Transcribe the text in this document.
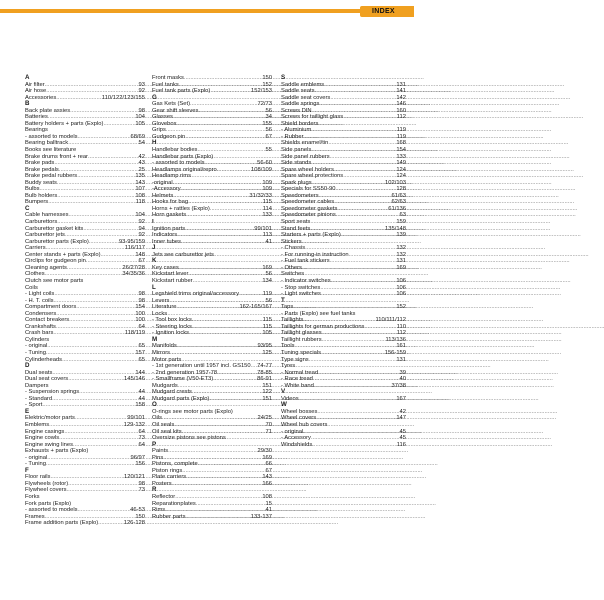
INDEX
A
Air filter .....	93
Air hose .....	92
Accessories .....	110/122/123/155
B
Back plate assies .....	98
Batteries .....	104
Battery holders + parts (Explo) .....	105
Bearings
- assorted to models .....	68/69
Bearing balltrack .....	54
Books see literature
Brake drums front + rear .....	42
Brake pads .....	43
Brake pedals .....	25
Brake pedal rubbers .....	135
Buddy seats .....	143
Bulbs .....	107
Bulb holders .....	108
Bumpers .....	118
C
Cable harnesses .....	104
Carburettors .....	92
Carburettor gasket kits .....	94
Carburettor jets .....	92
Carburettor parts (Explo) .....	93-95/159
Carriers .....	116/117
Center stands + parts (Explo) .....	148
Circlips for gudgeon pin .....	67
Cleaning agents .....	26/27/28
Clothes .....	34/35/36
Clutch see motor parts
Coils
- Light coils .....	98
- H. T. coils .....	98
Compartment doors .....	154
Condensers .....	100
Contact breakers .....	100
Crankshafts .....	64
Crash bars .....	118/119
Cylinders
- original .....	65
- Tuning .....	157
Cylinderheads .....	65
D
Dual seats .....	144
Dual seat covers .....	145/146
Dampers
- Suspension springs .....	44
- Standard .....	44
- Sport .....	158
E
Elektric/motor parts .....	99/101
Emblems .....	129-132
Engine casings .....	64
Engine cowls .....	73
Engine swing lines .....	64
Exhausts + parts (Explo)
- original .....	96/97
- Tuning .....	156
F
Floor rails .....	120/121
Flywheels (rotor) .....	98
Flywheel covers .....	73
Forks
Fork parts (Explo)
- assorted to models .....	46-53
Frames .....	150
Frame addition parts (Explo) .....	126-128
Front masks .....	150
Fuel tanks .....	152
Fuel tank parts (Explo) .....	152/153
G
Gas Kets (Set) .....	72/73
Gear shift sleeves .....	56
Glasses .....	34
Glovebox .....	155
Grips .....	56
Gudgeon pin .....	67
H
Handlebar bodies .....	55
Handlebar parts (Explo)
- assorted to models .....	56-60
Headlamps original/repro .....	108/109
Headlamp rims
-original .....	109
-Accessory .....	109
Helmets .....	31/32/33
Hooks for bag .....	115
Horns + rattles (Explo) .....	114
Horn gaskets .....	133
I
Ignition parts .....	99/101
Indicators .....	113
Inner tubes .....	41
J
Jets see carburettor jets
K
Key cases .....	169
Kickstart lever .....	56
Kickstart rubber .....	134
L
Legshield trims original/accessory .....	119
Levers .....	56
Literature .....	162-165/167
Locks
- Tool box locks .....	115
- Steering locks .....	115
- Ignition locks .....	105
M
Manifolds .....	93/95
Mirrors .....	125
Motor parts
- 1st generation until 1957 incl. GS150 ..... 74-77
- 2nd generation 1957-78 .....	78-85
- Smallframe (V50-ET3) .....	86-91
Mudgards .....	151
Mudgard crests .....	122
Mudgard parts (Explo) .....	151
O
O-rings see motor parts (Explo)
Oils .....	24/25
Oil seals .....	70
Oil seal kits .....	71
Oversize pistons see pistons
P
Paints .....	29/30
Pins .....	169
Pistons, complete .....	66
Piston rings .....	67
Plate carriers .....	143
Posters .....	166
R
Reflector .....	108
Reparationplates .....	15
Rims .....	41
Rubber parts .....	133-137
S
Saddle emblems .....	131
Saddle seats .....	141
Saddle seat covers .....	142
Saddle springs .....	146
Screws DIN .....	160
Screws for taillight glass .....	112
Shield borders
- Aluminium .....	119
- Rubber .....	119
Shields enamel/tin .....	168
Side panels .....	154
Side panel rubbers .....	133
Side stands .....	149
Spare wheel holders .....	124
Spare wheel protections .....	124
Spark plugs .....	102/103
Specials for SS50-90 .....	128
Speedometers .....	61/63
Speedometer cables .....	62/63
Speedometer gaskets .....	61/136
Speedometer pinions .....	63
Sport seats .....	159
Stand feets .....	135/148
Starters + parts (Explo) .....	139
Stickers
- Chassis .....	132
- For running-in instruction .....	132
- Fuel tank stickers .....	131
- Others .....	169
Switches
- Indicator switches .....	106
- Stop switches .....	106
- Light switches .....	106
T
Taps .....	152
- Parts (Explo) see fuel tanks
Taillights .....	110/111/112
Taillights for german productions .....	110
Taillight glasses .....	112
Taillight rubbers .....	113/136
Tools .....	161
Tuning specials .....	156-159
Type signs .....	131
Tyres
- Normal tread .....	39
- Race tread .....	40
- White band .....	37/38
V
Videos .....	167
W
Wheel bosses .....	42
Wheel covers .....	147
Wheel hub covers
- original .....	45
- Accessory .....	45
Windshields .....	116
